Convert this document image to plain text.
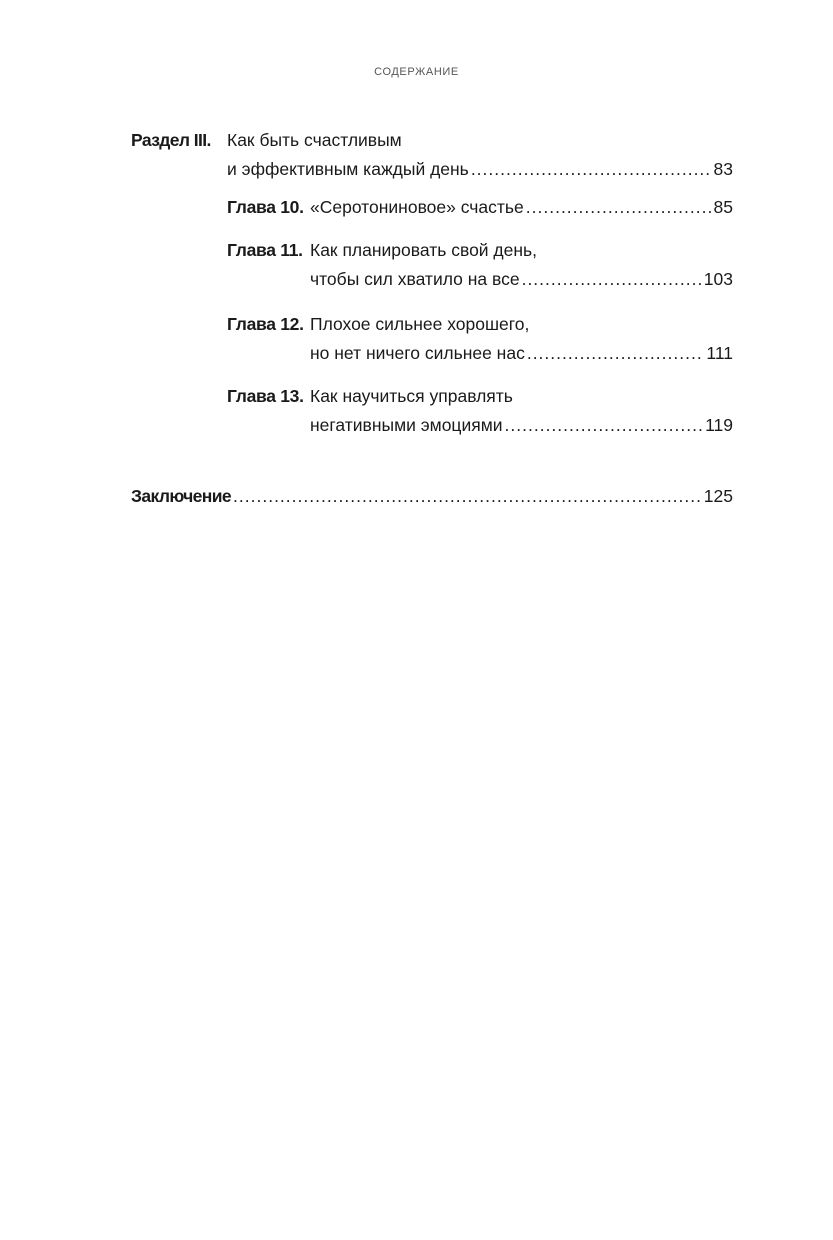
СОДЕРЖАНИЕ
Раздел III. Как быть счастливым
и эффективным каждый день .....	83
Глава 10. «Серотониновое» счастье .....	85
Глава 11. Как планировать свой день,
чтобы сил хватило на все .....	103
Глава 12. Плохое сильнее хорошего,
но нет ничего сильнее нас .....	111
Глава 13. Как научиться управлять
негативными эмоциями .....	119
Заключение .....	125
